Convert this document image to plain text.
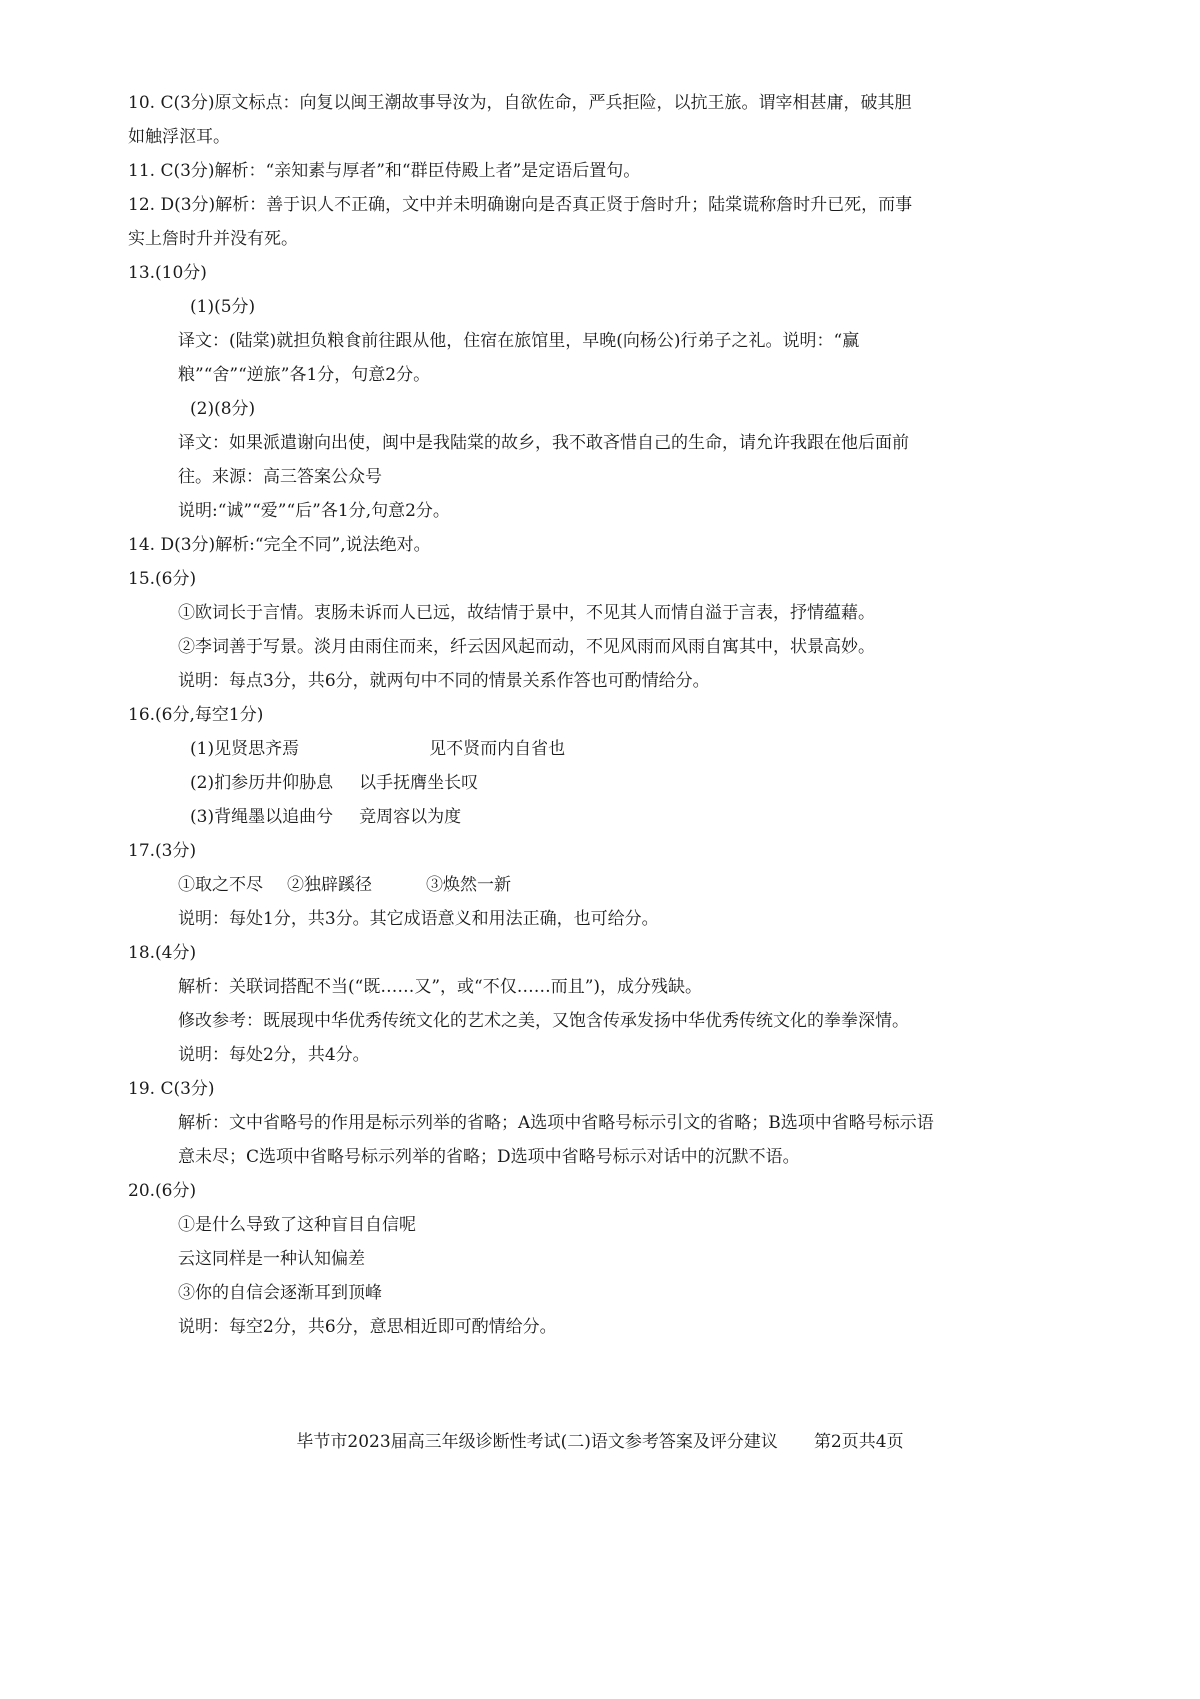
10. C(3分)原文标点：向复以闽王潮故事导汝为，自欲佐命，严兵拒险，以抗王旅。谓宰相甚庸，破其胆
如触浮沤耳。
11. C(3分)解析：“亲知素与厚者”和“群臣侍殿上者”是定语后置句。
12. D(3分)解析：善于识人不正确，文中并未明确谢向是否真正贤于詹时升；陆棠谎称詹时升已死，而事
实上詹时升并没有死。
13.(10分)
(1)(5分)
译文：(陆棠)就担负粮食前往跟从他，住宿在旅馆里，早晚(向杨公)行弟子之礼。说明：“赢
粮”“舍”“逆旅”各1分，句意2分。
(2)(8分)
译文：如果派遣谢向出使，闽中是我陆棠的故乡，我不敢吝惜自己的生命，请允许我跟在他后面前
往。来源：高三答案公众号
说明:“诚”“爱”“后”各1分,句意2分。
14. D(3分)解析:“完全不同”,说法绝对。
15.(6分)
①欧词长于言情。衷肠未诉而人已远，故结情于景中，不见其人而情自溢于言表，抒情蕴藉。
②李词善于写景。淡月由雨住而来，纤云因风起而动，不见风雨而风雨自寓其中，状景高妙。
说明：每点3分，共6分，就两句中不同的情景关系作答也可酌情给分。
16.(6分,每空1分)
(1)见贤思齐焉	见不贤而内自省也
(2)扪参历井仰胁息 以手抚膺坐长叹
(3)背绳墨以追曲兮 竞周容以为度
17.(3分)
①取之不尽 ②独辟蹊径	③焕然一新
说明：每处1分，共3分。其它成语意义和用法正确，也可给分。
18.(4分)
解析：关联词搭配不当(“既……又”，或“不仅……而且”)，成分残缺。
修改参考：既展现中华优秀传统文化的艺术之美，又饱含传承发扬中华优秀传统文化的拳拳深情。
说明：每处2分，共4分。
19. C(3分)
解析：文中省略号的作用是标示列举的省略；A选项中省略号标示引文的省略；B选项中省略号标示语
意未尽；C选项中省略号标示列举的省略；D选项中省略号标示对话中的沉默不语。
20.(6分)
①是什么导致了这种盲目自信呢
云这同样是一种认知偏差
③你的自信会逐渐耳到顶峰
说明：每空2分，共6分，意思相近即可酌情给分。
毕节市2023届高三年级诊断性考试(二)语文参考答案及评分建议 第2页共4页
